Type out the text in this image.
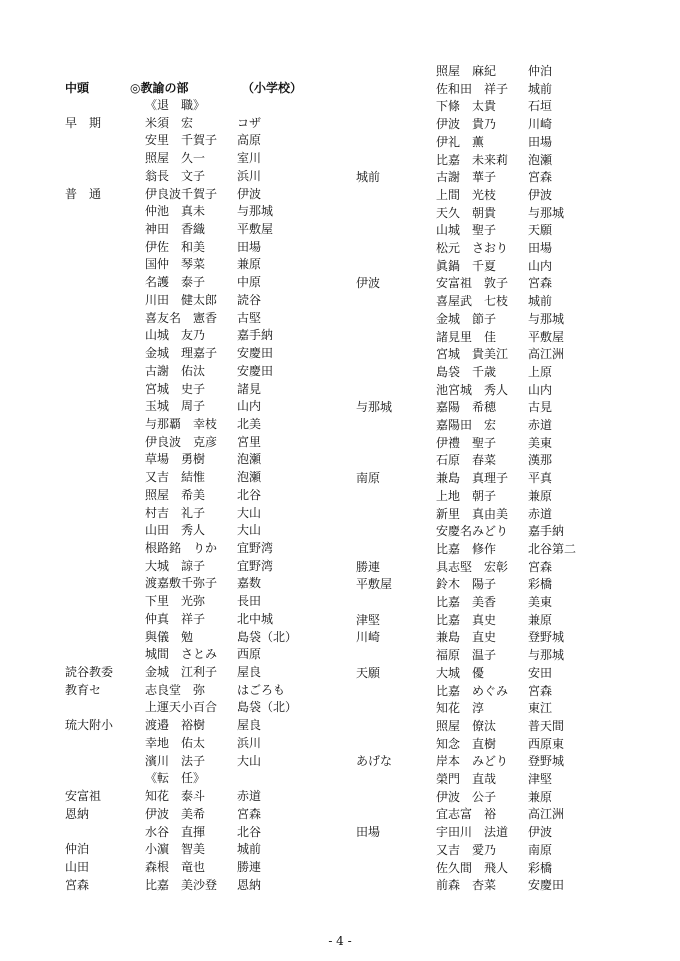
中頭	◎教諭の部	（小学校）
《退　職》
早　期	米須　宏	コザ
安里　千賀子 高原
照屋　久一	室川
翁長　文子	浜川
普　通	伊良波千賀子 伊波
仲池　真未	与那城
神田　香織	平敷屋
伊佐　和美	田場
国仲　琴菜	兼原
名護　泰子	中原
川田　健太郎 読谷
喜友名　憲香 古堅
山城　友乃	嘉手納
金城　理嘉子 安慶田
古謝　佑汰	安慶田
宮城　史子	諸見
玉城　周子	山内
与那覇　幸枝 北美
伊良波　克彦 宮里
草場　勇樹	泡瀬
又吉　結惟	泡瀬
照屋　希美	北谷
村吉　礼子	大山
山田　秀人	大山
根路銘　りか 宜野湾
大城　諒子	宜野湾
渡嘉敷千弥子 嘉数
下里　光弥	長田
仲真　祥子	北中城
與儀　勉	島袋（北）
城間　さとみ 西原
読谷教委	金城　江利子 屋良
教育セ	志良堂　弥	はごろも
上運天小百合 島袋（北）
琉大附小	渡邉　裕樹	屋良
幸地　佑太	浜川
濱川　法子	大山
《転　任》
安富祖	知花　泰斗	赤道
恩納	伊波　美希	宮森
水谷　直揮	北谷
仲泊	小濵　智美	城前
山田	森根　竜也	勝連
宮森	比嘉　美沙登 恩納
照屋　麻紀	仲泊
佐和田　祥子 城前
下條　太貴	石垣
伊波　貴乃	川崎
伊礼　薫	田場
比嘉　未来莉 泡瀬
城前	古謝　華子	宮森
上間　光枝	伊波
天久　朝貴	与那城
山城　聖子	天願
松元　さおり 田場
眞鍋　千夏	山内
伊波	安富祖　敦子 宮森
喜屋武　七枝 城前
金城　節子	与那城
諸見里　佳	平敷屋
宮城　貴美江 高江洲
島袋　千歳	上原
池宮城　秀人 山内
与那城	嘉陽　希穂	古見
嘉陽田　宏	赤道
伊禮　聖子	美東
石原　春菜	漢那
南原	兼島　真理子 平真
上地　朝子	兼原
新里　真由美 赤道
安慶名みどり 嘉手納
比嘉　修作	北谷第二
勝連	具志堅　宏彰 宮森
平敷屋	鈴木　陽子	彩橋
比嘉　美香	美東
津堅	比嘉　真史	兼原
川崎	兼島　直史	登野城
福原　温子	与那城
天願	大城　優	安田
比嘉　めぐみ 宮森
知花　淳	東江
照屋　僚汰	普天間
知念　直樹	西原東
あげな	岸本　みどり 登野城
榮門　直哉	津堅
伊波　公子	兼原
宜志富　裕	高江洲
田場	宇田川　法道 伊波
又吉　愛乃	南原
佐久間　飛人 彩橋
前森　杏菜	安慶田
- 4 -
